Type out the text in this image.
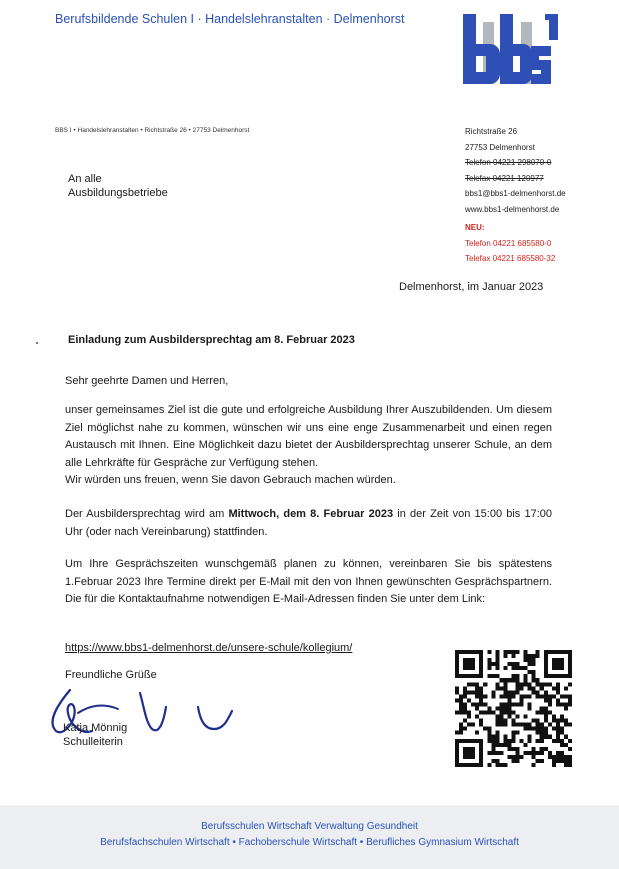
Berufsbildende Schulen I · Handelslehranstalten · Delmenhorst
BBS I • Handelslehranstalten • Richtstraße 26 • 27753 Delmenhorst	Richtstraße 26
27753 Delmenhorst
Telefon 04221 298070-0
Telefax 04221 120977
bbs1@bbs1-delmenhorst.de
www.bbs1-delmenhorst.de
NEU:
Telefon 04221 685580-0
Telefax 04221 685580-32
An alle
Ausbildungsbetriebe
Delmenhorst, im Januar 2023
Einladung zum Ausbildersprechtag am 8. Februar 2023
Sehr geehrte Damen und Herren,
unser gemeinsames Ziel ist die gute und erfolgreiche Ausbildung Ihrer Auszubildenden. Um diesem Ziel möglichst nahe zu kommen, wünschen wir uns eine enge Zusammenarbeit und einen regen Austausch mit Ihnen. Eine Möglichkeit dazu bietet der Ausbildersprechtag unserer Schule, an dem alle Lehrkräfte für Gespräche zur Verfügung stehen.
Wir würden uns freuen, wenn Sie davon Gebrauch machen würden.
Der Ausbildersprechtag wird am Mittwoch, dem 8. Februar 2023 in der Zeit von 15:00 bis 17:00 Uhr (oder nach Vereinbarung) stattfinden.
Um Ihre Gesprächszeiten wunschgemäß planen zu können, vereinbaren Sie bis spätestens 1.Februar 2023 Ihre Termine direkt per E-Mail mit den von Ihnen gewünschten Gesprächspartnern. Die für die Kontaktaufnahme notwendigen E-Mail-Adressen finden Sie unter dem Link:
https://www.bbs1-delmenhorst.de/unsere-schule/kollegium/
Freundliche Grüße
Katja Mönnig
Schulleiterin
Berufsschulen Wirtschaft Verwaltung Gesundheit
Berufsfachschulen Wirtschaft • Fachoberschule Wirtschaft • Berufliches Gymnasium Wirtschaft
